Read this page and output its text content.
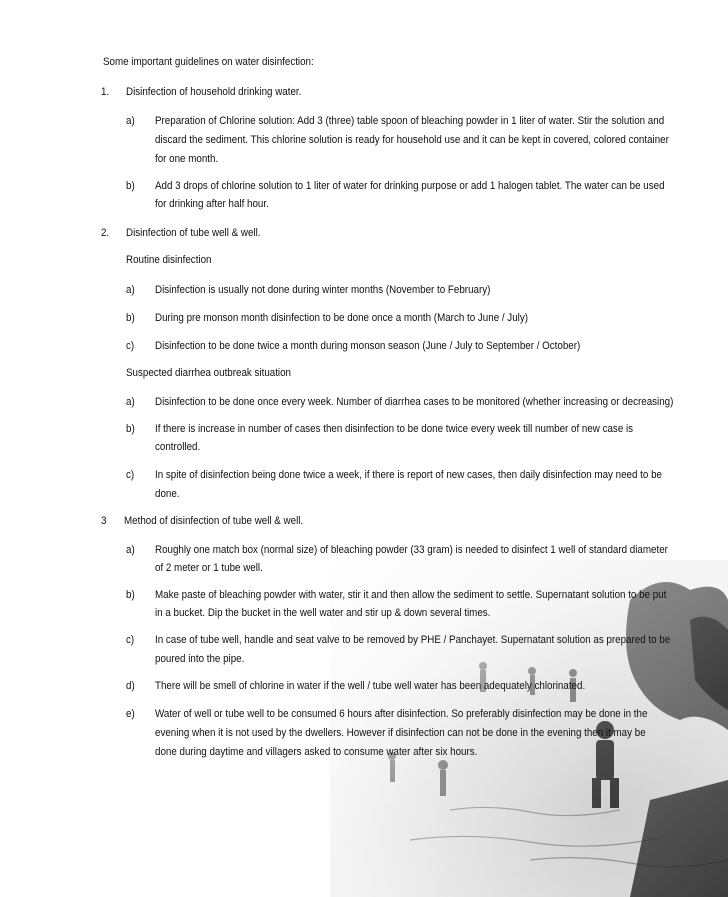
Some important guidelines on water disinfection:
1. Disinfection of household drinking water.
a) Preparation of Chlorine solution: Add 3 (three) table spoon of bleaching powder in 1 liter of water. Stir the solution and
discard the sediment. This chlorine solution is ready for household use and it can be kept in covered, colored container
for one month.
b) Add 3 drops of chlorine solution to 1 liter of water for drinking purpose or add 1 halogen tablet. The water can be used
for drinking after half hour.
2. Disinfection of tube well & well.
Routine disinfection
a) Disinfection is usually not done during winter months (November to February)
b) During pre monson month disinfection to be done once a month (March to June / July)
c) Disinfection to be done twice a month during monson season (June / July to September / October)
Suspected diarrhea outbreak situation
a) Disinfection to be done once every week. Number of diarrhea cases to be monitored (whether increasing or decreasing)
b) If there is increase in number of cases then disinfection to be done twice every week till number of new case is
controlled.
c) In spite of disinfection being done twice a week, if there is report of new cases, then daily disinfection may need to be
done.
3 Method of disinfection of tube well & well.
a) Roughly one match box (normal size) of bleaching powder (33 gram) is needed to disinfect 1 well of standard diameter
of 2 meter or 1 tube well.
b) Make paste of bleaching powder with water, stir it and then allow the sediment to settle. Supernatant solution to be put
in a bucket. Dip the bucket in the well water and stir up & down several times.
c) In case of tube well, handle and seat valve to be removed by PHE / Panchayet. Supernatant solution as prepared to be
poured into the pipe.
d) There will be smell of chlorine in water if the well / tube well water has been adequately chlorinated.
e) Water of well or tube well to be consumed 6 hours after disinfection. So preferably disinfection may be done in the
evening when it is not used by the dwellers. However if disinfection can not be done in the evening then it may be
done during daytime and villagers asked to consume water after six hours.
